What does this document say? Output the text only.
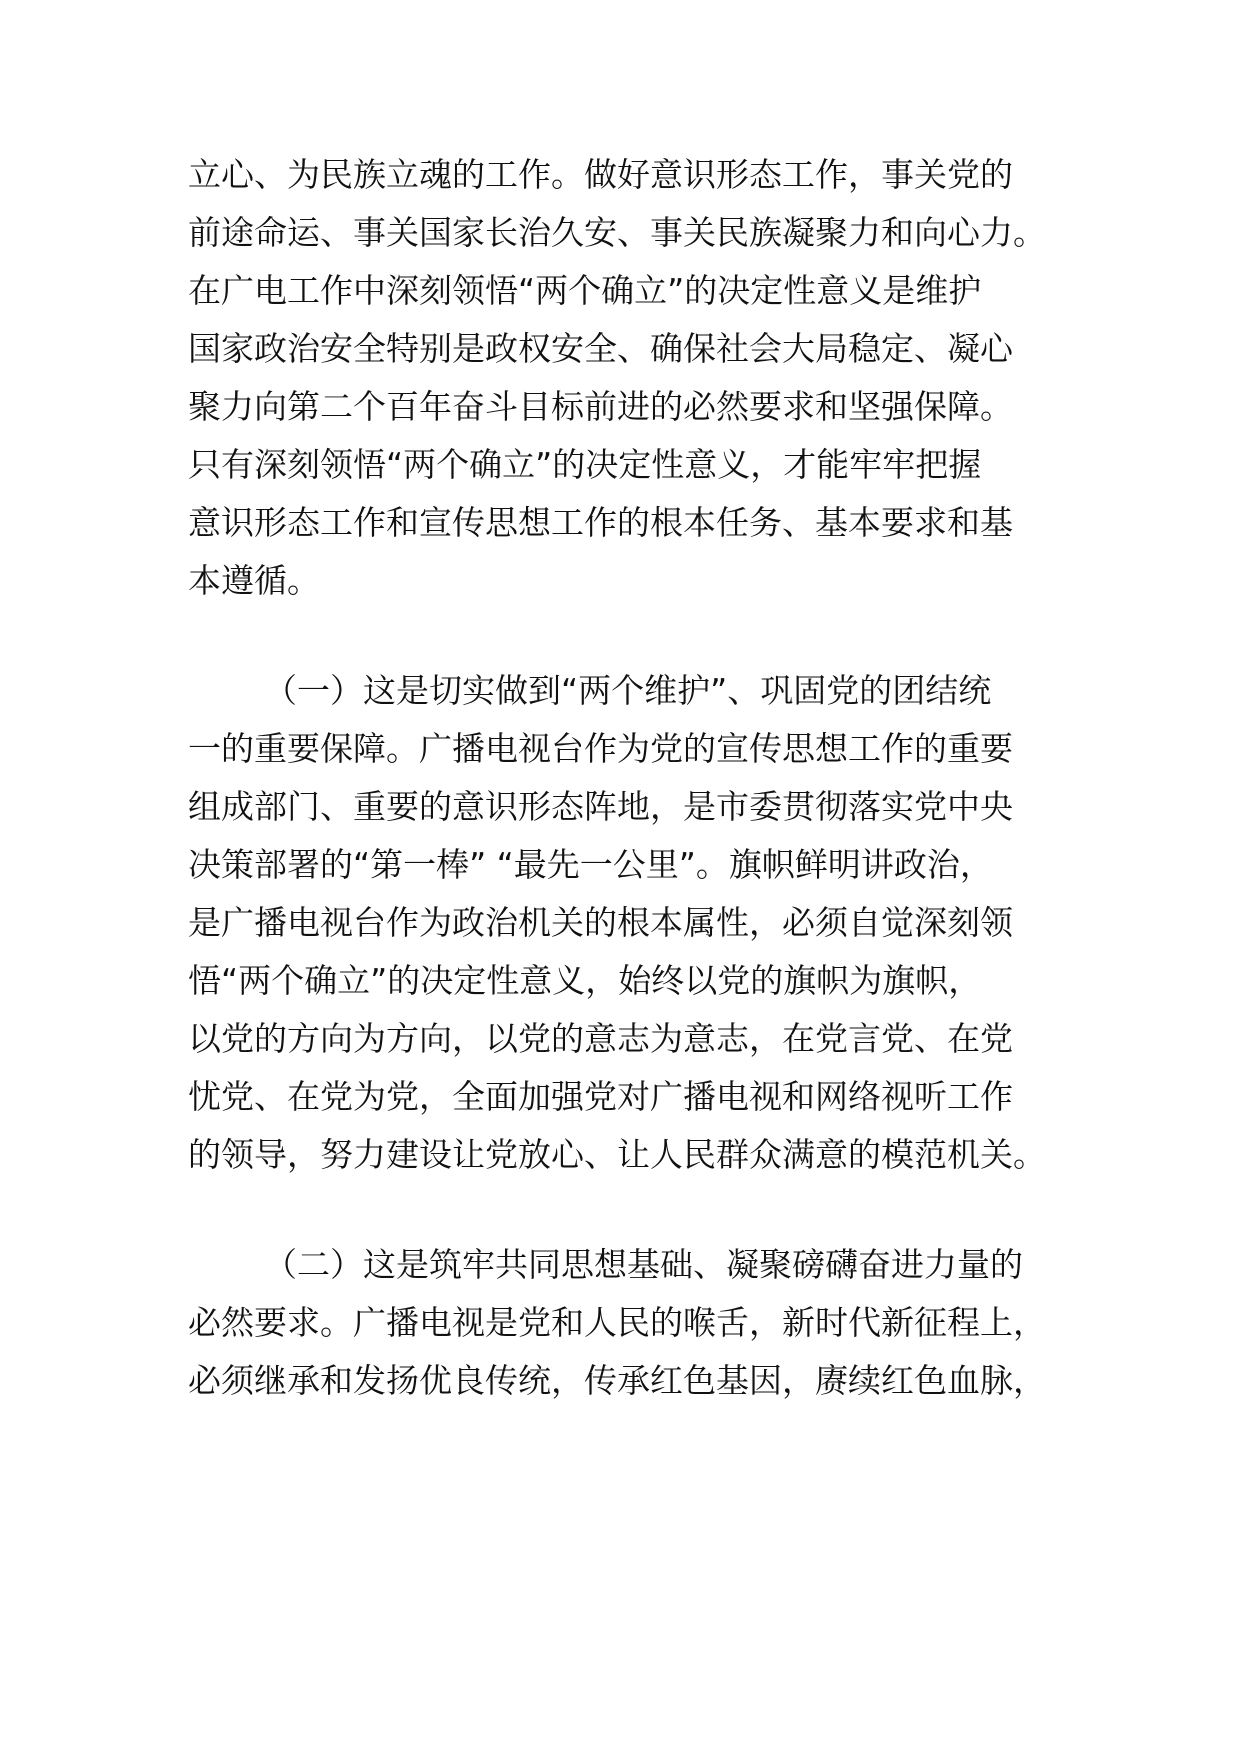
立心、为民族立魂的工作。做好意识形态工作，事关党的
前途命运、事关国家长治久安、事关民族凝聚力和向心力。
在广电工作中深刻领悟“两个确立”的决定性意义是维护
国家政治安全特别是政权安全、确保社会大局稳定、凝心
聚力向第二个百年奋斗目标前进的必然要求和坚强保障。
只有深刻领悟“两个确立”的决定性意义，才能牢牢把握
意识形态工作和宣传思想工作的根本任务、基本要求和基
本遵循。
（一）这是切实做到“两个维护”、巩固党的团结统
一的重要保障。广播电视台作为党的宣传思想工作的重要
组成部门、重要的意识形态阵地，是市委贯彻落实党中央
决策部署的“第一棒” “最先一公里”。旗帜鲜明讲政治，
是广播电视台作为政治机关的根本属性，必须自觉深刻领
悟“两个确立”的决定性意义，始终以党的旗帜为旗帜，
以党的方向为方向，以党的意志为意志，在党言党、在党
忧党、在党为党，全面加强党对广播电视和网络视听工作
的领导，努力建设让党放心、让人民群众满意的模范机关。
（二）这是筑牢共同思想基础、凝聚磅礴奋进力量的
必然要求。广播电视是党和人民的喉舌，新时代新征程上，
必须继承和发扬优良传统，传承红色基因，赓续红色血脉，
